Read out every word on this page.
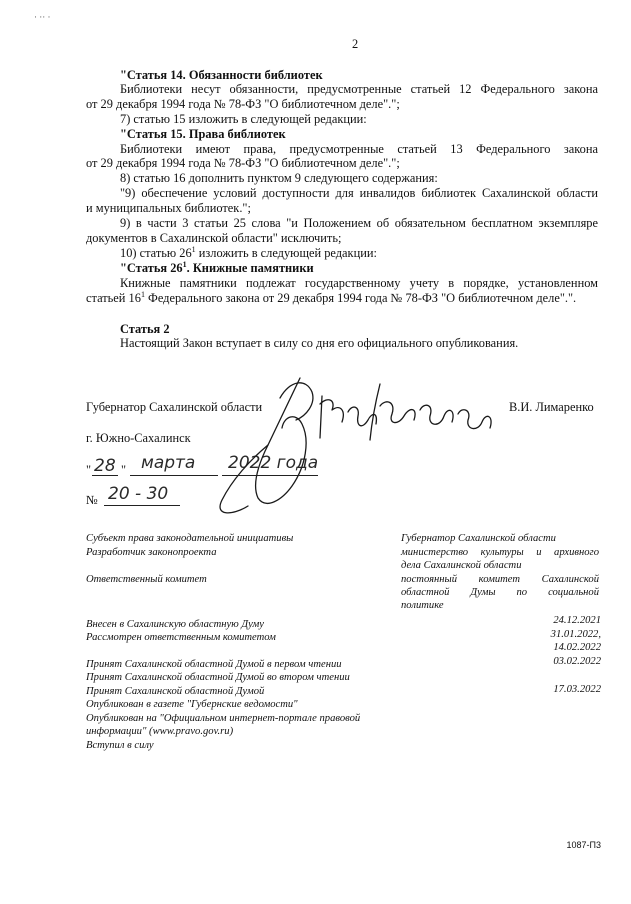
· ·· ·
2
"Статья 14. Обязанности библиотек
Библиотеки несут обязанности, предусмотренные статьей 12 Федерального закона
от 29 декабря 1994 года № 78-ФЗ "О библиотечном деле".";
7) статью 15 изложить в следующей редакции:
"Статья 15. Права библиотек
Библиотеки имеют права, предусмотренные статьей 13 Федерального закона
от 29 декабря 1994 года № 78-ФЗ "О библиотечном деле".";
8) статью 16 дополнить пунктом 9 следующего содержания:
"9) обеспечение условий доступности для инвалидов библиотек Сахалинской области
и муниципальных библиотек.";
9) в части 3 статьи 25 слова "и Положением об обязательном бесплатном экземпляре
документов в Сахалинской области" исключить;
10) статью $26^1$ изложить в следующей редакции:
"Статья $26^1$. Книжные памятники
Книжные памятники подлежат государственному учету в порядке, установленном
статьей $16^1$ Федерального закона от 29 декабря 1994 года № 78-ФЗ "О библиотечном деле".".
Статья 2
Настоящий Закон вступает в силу со дня его официального опубликования.
Губернатор Сахалинской области	В.И. Лимаренко
г. Южно-Сахалинск
" 28 " марта 2022 года
№ 20 - 30
Субъект права законодательной инициативы	Губернатор Сахалинской области
Разработчик законопроекта	министерство культуры и архивного
дела Сахалинской области
Ответственный комитет	постоянный комитет Сахалинской
областной Думы по социальной
политике
Внесен в Сахалинскую областную Думу	24.12.2021
Рассмотрен ответственным комитетом	31.01.2022,
14.02.2022
Принят Сахалинской областной Думой в первом чтении	03.02.2022
Принят Сахалинской областной Думой во втором чтении
Принят Сахалинской областной Думой	17.03.2022
Опубликован в газете "Губернские ведомости"
Опубликован на "Официальном интернет-портале правовой
информации" (www.pravo.gov.ru)
Вступил в силу
1087-П3
